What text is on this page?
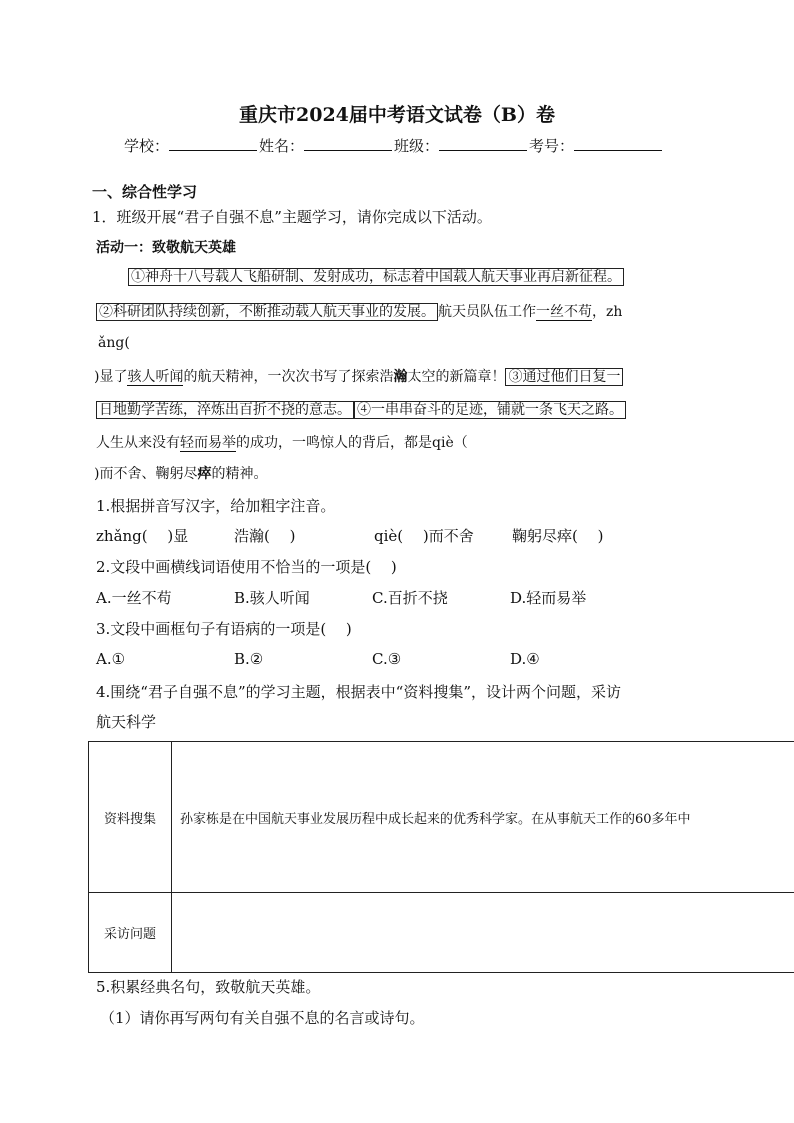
重庆市2024届中考语文试卷（B）卷
学校：	姓名：	班级：	考号：
一、综合性学习
1．班级开展“君子自强不息”主题学习，请你完成以下活动。
活动一：致敬航天英雄
①神舟十八号载人飞船研制、发射成功，标志着中国载人航天事业再启新征程。
②科研团队持续创新，不断推动载人航天事业的发展。 航天员队伍工作一丝不苟，zh
ǎng(
)显了骇人听闻的航天精神，一次次书写了探索浩瀚太空的新篇章！ ③通过他们日复一
日地勤学苦练，淬炼出百折不挠的意志。 ④一串串奋斗的足迹，铺就一条飞天之路。
人生从来没有轻而易举的成功，一鸣惊人的背后，都是qiè（
)而不舍、鞠躬尽瘁的精神。
1.根据拼音写汉字，给加粗字注音。
zhǎng(　 )显	浩瀚(　 )	qiè(　 )而不舍	鞠躬尽瘁(　 )
2.文段中画横线词语使用不恰当的一项是(　 )
A.一丝不苟	B.骇人听闻	C.百折不挠	D.轻而易举
3.文段中画框句子有语病的一项是(　 )
A.①	B.②	C.③	D.④
4.围绕“君子自强不息”的学习主题，根据表中“资料搜集”，设计两个问题，采访
航天科学
资料搜集	孙家栋是在中国航天事业发展历程中成长起来的优秀科学家。在从事航天工作的60多年中
采访问题	
5.积累经典名句，致敬航天英雄。
（1）请你再写两句有关自强不息的名言或诗句。
